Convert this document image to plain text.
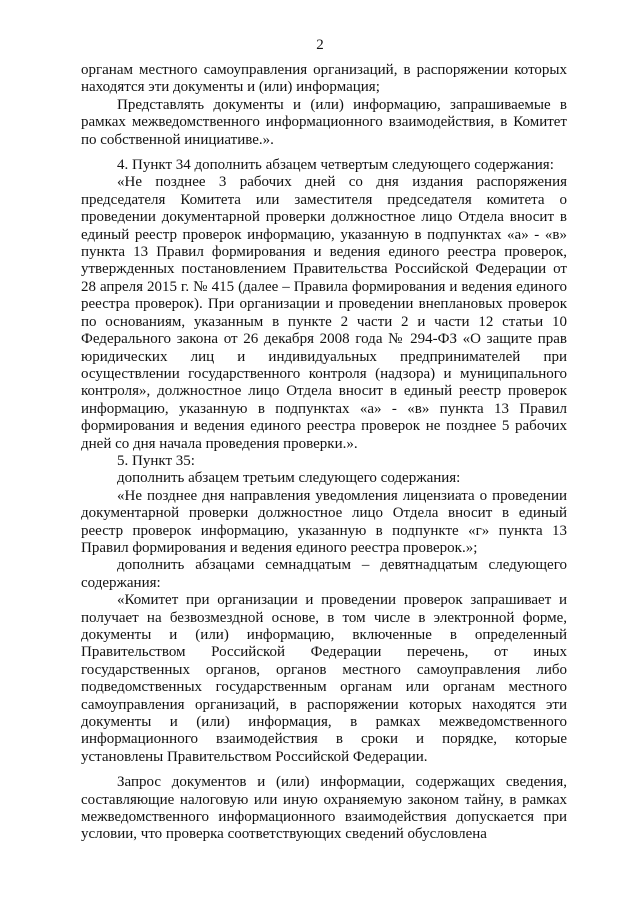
2

органам местного самоуправления организаций, в распоряжении которых находятся эти документы и (или) информация;

Представлять документы и (или) информацию, запрашиваемые в рамках межведомственного информационного взаимодействия, в Комитет по собственной инициативе.».

4. Пункт 34 дополнить абзацем четвертым следующего содержания:

«Не позднее 3 рабочих дней со дня издания распоряжения председателя Комитета или заместителя председателя комитета о проведении документарной проверки должностное лицо Отдела вносит в единый реестр проверок информацию, указанную в подпунктах «а» - «в» пункта 13 Правил формирования и ведения единого реестра проверок, утвержденных постановлением Правительства Российской Федерации от 28 апреля 2015 г. № 415 (далее – Правила формирования и ведения единого реестра проверок). При организации и проведении внеплановых проверок по основаниям, указанным в пункте 2 части 2 и части 12 статьи 10 Федерального закона от 26 декабря 2008 года № 294-ФЗ «О защите прав юридических лиц и индивидуальных предпринимателей при осуществлении государственного контроля (надзора) и муниципального контроля», должностное лицо Отдела вносит в единый реестр проверок информацию, указанную в подпунктах «а» - «в» пункта 13 Правил формирования и ведения единого реестра проверок не позднее 5 рабочих дней со дня начала проведения проверки.».

5. Пункт 35:

дополнить абзацем третьим следующего содержания:

«Не позднее дня направления уведомления лицензиата о проведении документарной проверки должностное лицо Отдела вносит в единый реестр проверок информацию, указанную в подпункте «г» пункта 13 Правил формирования и ведения единого реестра проверок.»;

дополнить абзацами семнадцатым – девятнадцатым следующего содержания:

«Комитет при организации и проведении проверок запрашивает и получает на безвозмездной основе, в том числе в электронной форме, документы и (или) информацию, включенные в определенный Правительством Российской Федерации перечень, от иных государственных органов, органов местного самоуправления либо подведомственных государственным органам или органам местного самоуправления организаций, в распоряжении которых находятся эти документы и (или) информация, в рамках межведомственного информационного взаимодействия в сроки и порядке, которые установлены Правительством Российской Федерации.

Запрос документов и (или) информации, содержащих сведения, составляющие налоговую или иную охраняемую законом тайну, в рамках межведомственного информационного взаимодействия допускается при условии, что проверка соответствующих сведений обусловлена
